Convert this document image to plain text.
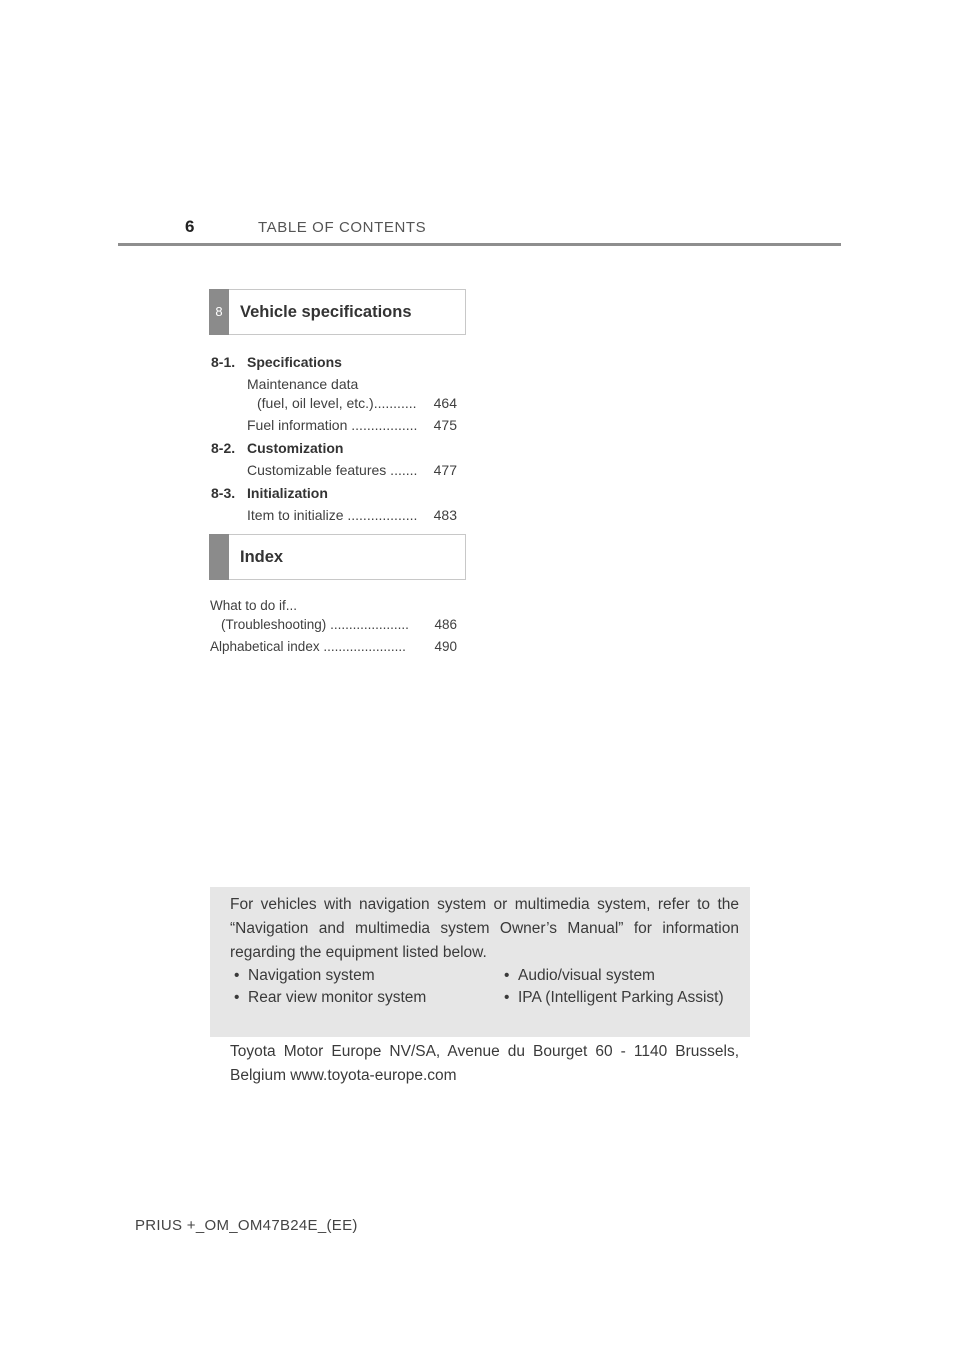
6	TABLE OF CONTENTS
8	Vehicle specifications
8-1. Specifications
Maintenance data
(fuel, oil level, etc.)........... 464
Fuel information ................. 475
8-2. Customization
Customizable features ....... 477
8-3. Initialization
Item to initialize .................. 483
Index
What to do if...
(Troubleshooting) ..................... 486
Alphabetical index ...................... 490
For vehicles with navigation system or multimedia system, refer to the “Navigation and multimedia system Owner’s Manual” for information regarding the equipment listed below.
• Navigation system
• Rear view monitor system
• Audio/visual system
• IPA (Intelligent Parking Assist)
Toyota Motor Europe NV/SA, Avenue du Bourget 60 - 1140 Brussels, Belgium www.toyota-europe.com
PRIUS +_OM_OM47B24E_(EE)
